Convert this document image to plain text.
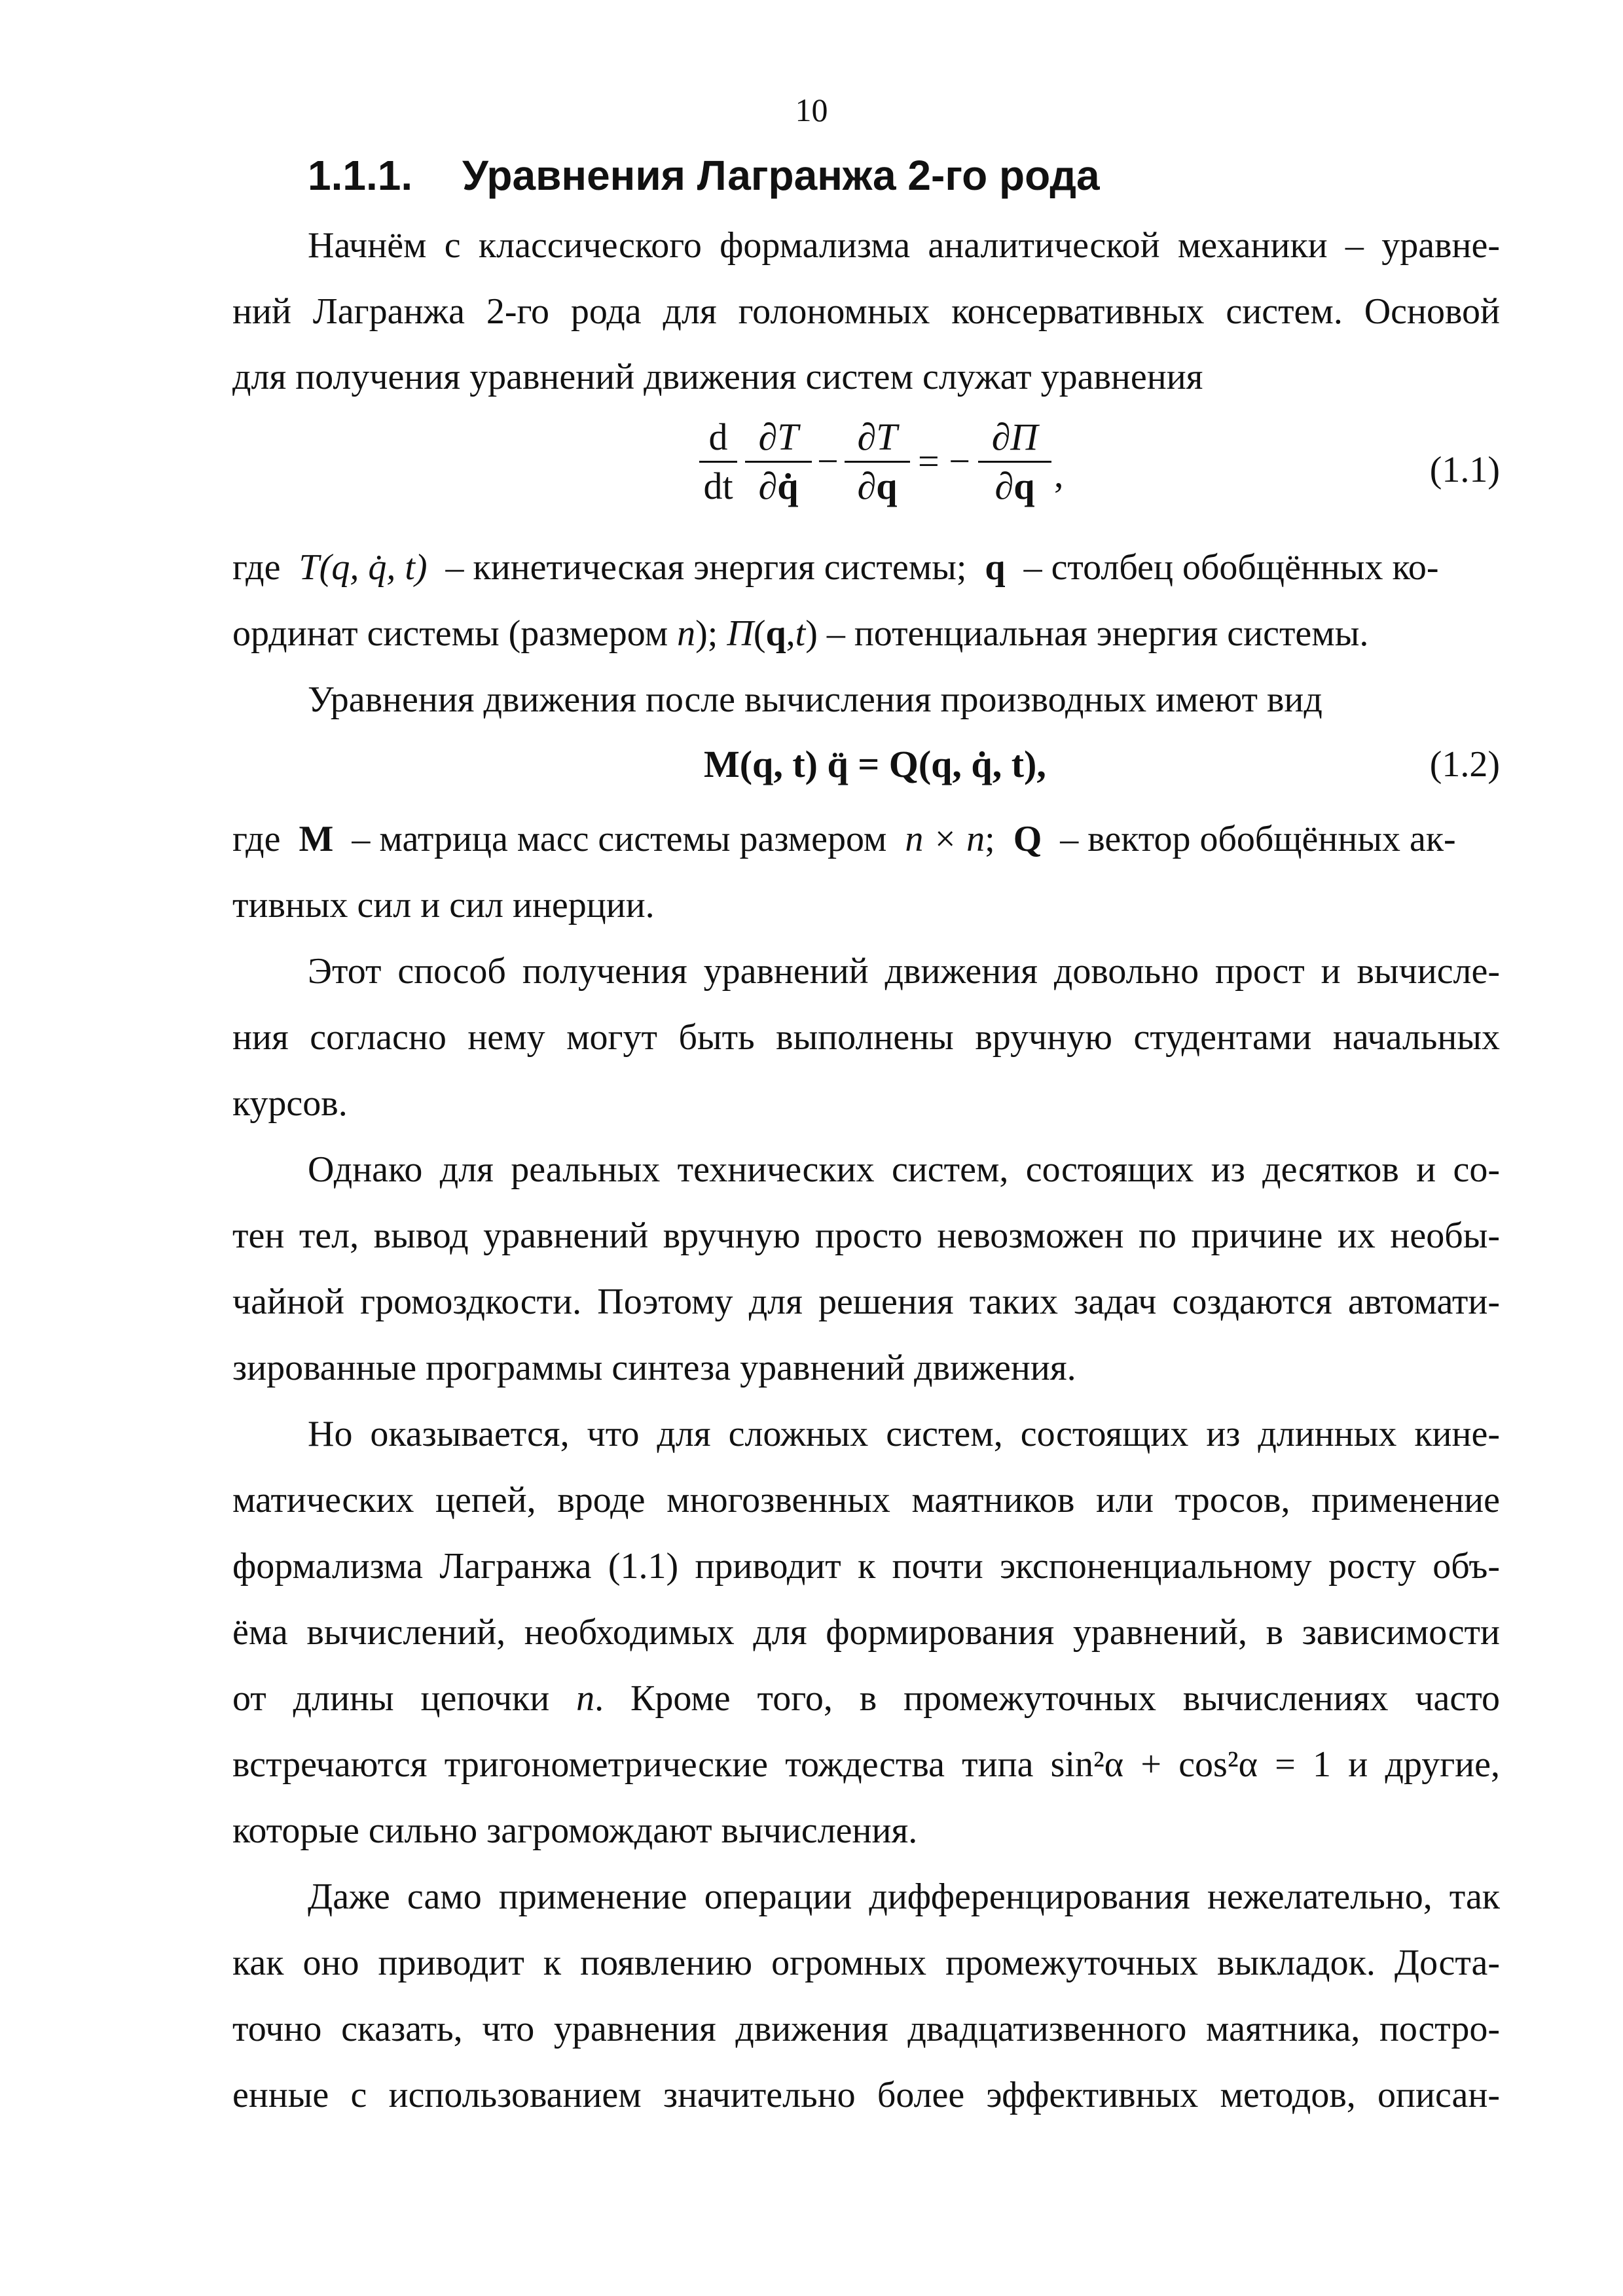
10
1.1.1. Уравнения Лагранжа 2-го рода
Начнём с классического формализма аналитической механики – уравне-
ний Лагранжа 2-го рода для голономных консервативных систем. Основой
для получения уравнений движения систем служат уравнения
d
dt
∂T
∂q̇
−
∂T
∂q
= −
∂П
∂q ,	(1.1)
где T(q, q̇, t) – кинетическая энергия системы; q – столбец обобщённых ко-
ординат системы (размером n); П(q,t) – потенциальная энергия системы.
Уравнения движения после вычисления производных имеют вид
M(q, t) q̈ = Q(q, q̇, t),	(1.2)
где M – матрица масс системы размером n × n; Q – вектор обобщённых ак-
тивных сил и сил инерции.
Этот способ получения уравнений движения довольно прост и вычисле-
ния согласно нему могут быть выполнены вручную студентами начальных
курсов.
Однако для реальных технических систем, состоящих из десятков и со-
тен тел, вывод уравнений вручную просто невозможен по причине их необы-
чайной громоздкости. Поэтому для решения таких задач создаются автомати-
зированные программы синтеза уравнений движения.
Но оказывается, что для сложных систем, состоящих из длинных кине-
матических цепей, вроде многозвенных маятников или тросов, применение
формализма Лагранжа (1.1) приводит к почти экспоненциальному росту объ-
ёма вычислений, необходимых для формирования уравнений, в зависимости
от длины цепочки n. Кроме того, в промежуточных вычислениях часто
встречаются тригонометрические тождества типа sin²α + cos²α = 1 и другие,
которые сильно загромождают вычисления.
Даже само применение операции дифференцирования нежелательно, так
как оно приводит к появлению огромных промежуточных выкладок. Доста-
точно сказать, что уравнения движения двадцатизвенного маятника, постро-
енные с использованием значительно более эффективных методов, описан-
